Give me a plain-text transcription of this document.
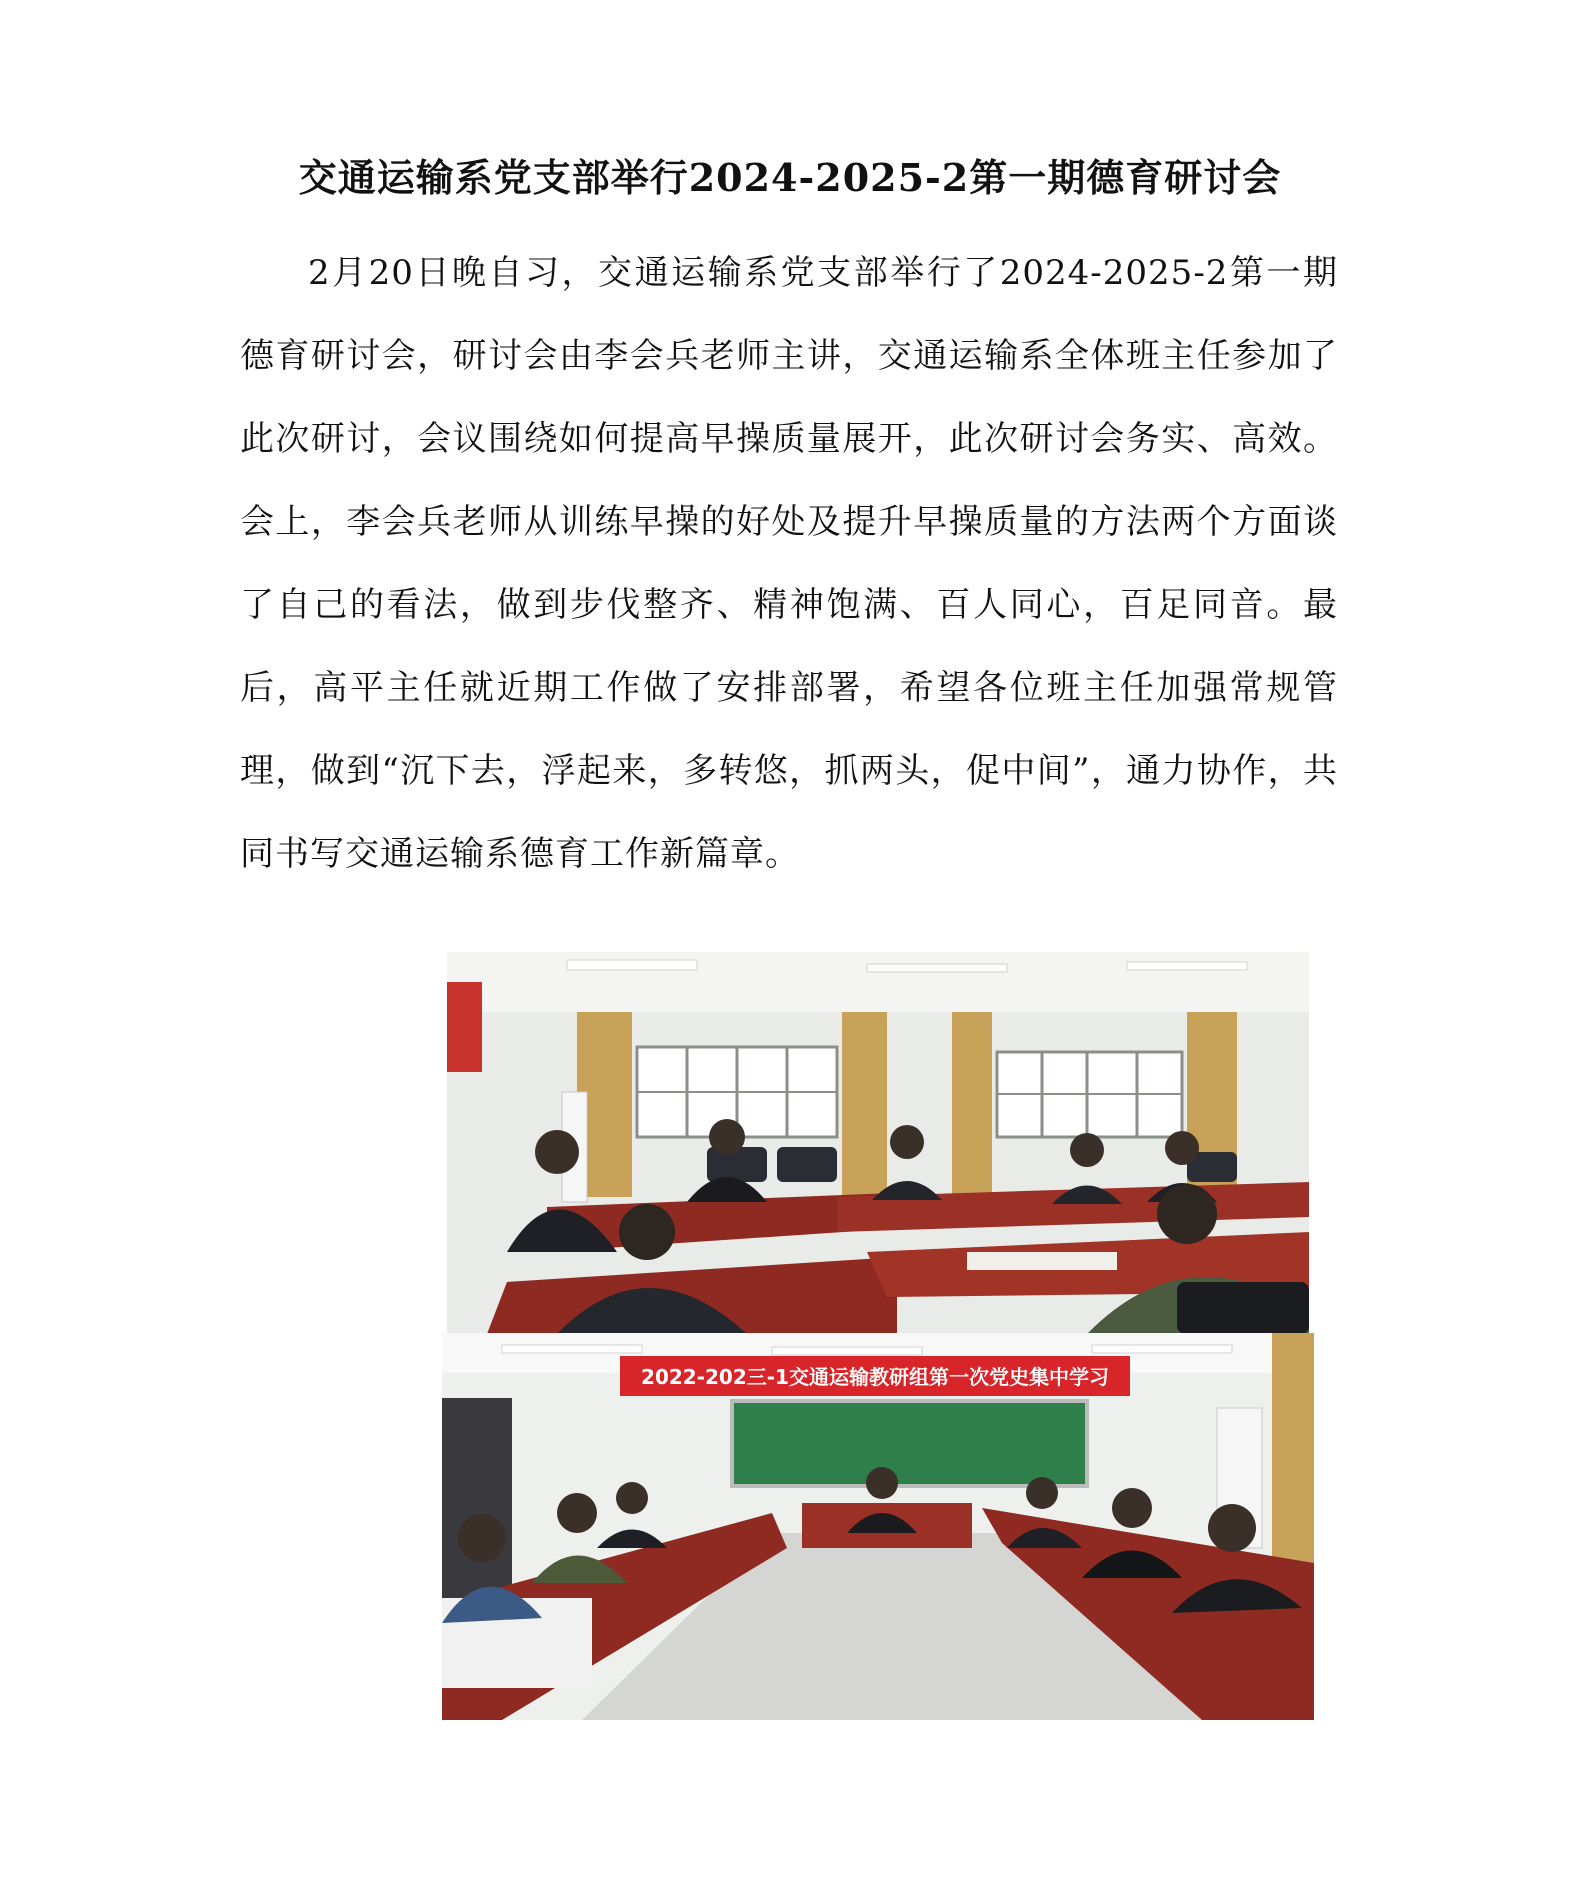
交通运输系党支部举行2024-2025-2第一期德育研讨会
2月20日晚自习，交通运输系党支部举行了2024-2025-2第一期德育研讨会，研讨会由李会兵老师主讲，交通运输系全体班主任参加了此次研讨，会议围绕如何提高早操质量展开，此次研讨会务实、高效。会上，李会兵老师从训练早操的好处及提升早操质量的方法两个方面谈了自己的看法，做到步伐整齐、精神饱满、百人同心，百足同音。最后，高平主任就近期工作做了安排部署，希望各位班主任加强常规管理，做到“沉下去，浮起来，多转悠，抓两头，促中间”，通力协作，共同书写交通运输系德育工作新篇章。
2022-202三-1交通运输教研组第一次党史集中学习
